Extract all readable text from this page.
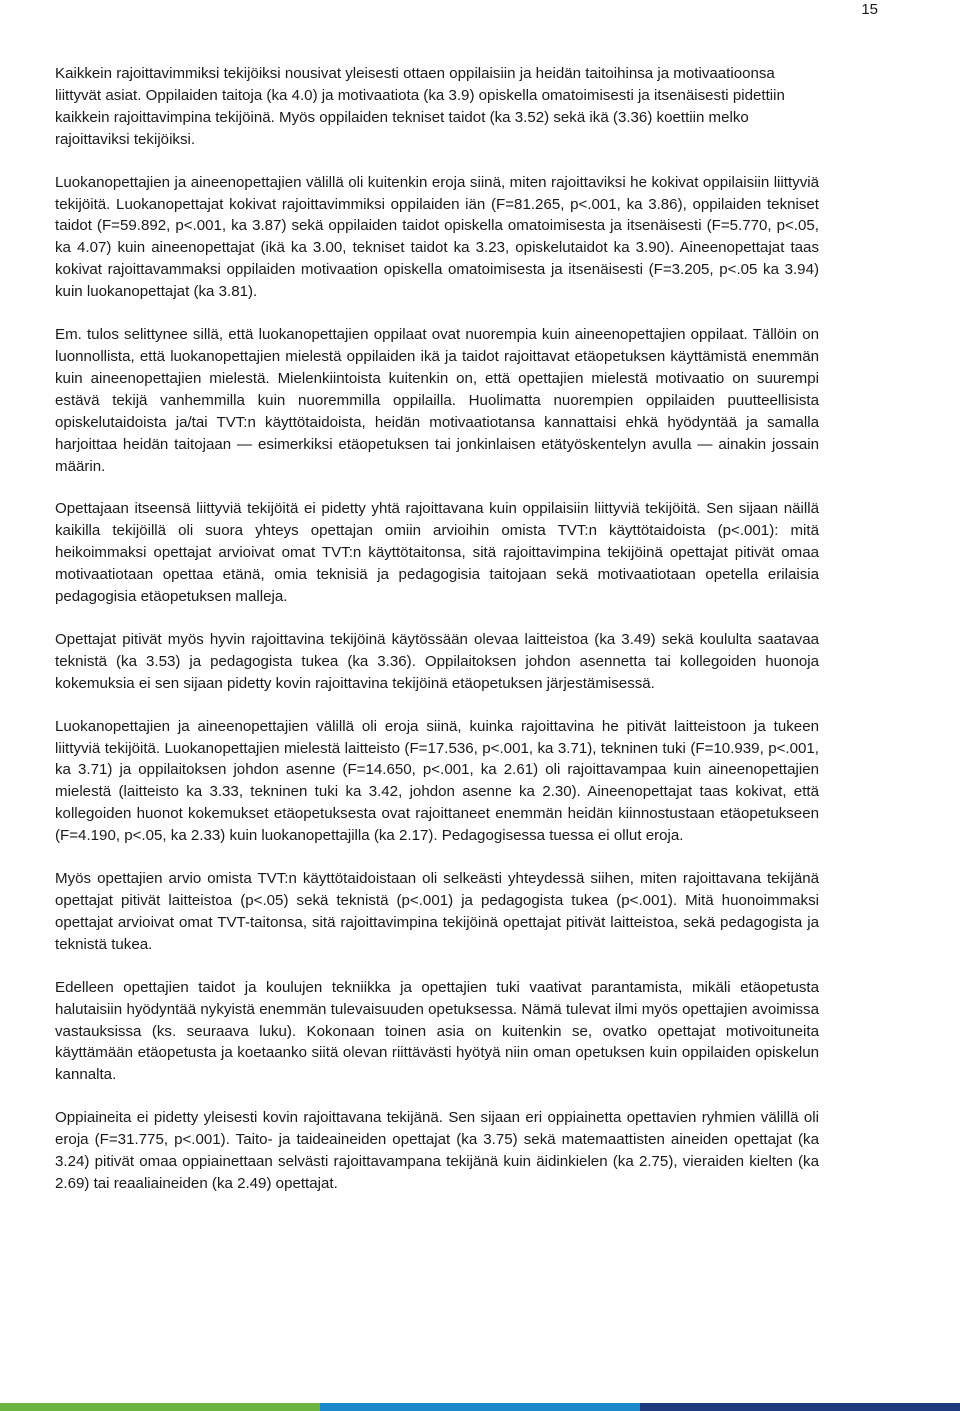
15

Kaikkein rajoittavimmiksi tekijöiksi nousivat yleisesti ottaen oppilaisiin ja heidän taitoihinsa ja motivaatioonsa liittyvät asiat. Oppilaiden taitoja (ka 4.0) ja motivaatiota (ka 3.9) opiskella omatoimisesti ja itsenäisesti pidettiin kaikkein rajoittavimpina tekijöinä. Myös oppilaiden tekniset taidot (ka 3.52) sekä ikä (3.36) koettiin melko rajoittaviksi tekijöiksi.

Luokanopettajien ja aineenopettajien välillä oli kuitenkin eroja siinä, miten rajoittaviksi he kokivat oppilaisiin liittyviä tekijöitä. Luokanopettajat kokivat rajoittavimmiksi oppilaiden iän (F=81.265, p<.001, ka 3.86), oppilaiden tekniset taidot (F=59.892, p<.001, ka 3.87) sekä oppilaiden taidot opiskella omatoimisesta ja itsenäisesti (F=5.770, p<.05, ka 4.07) kuin aineenopettajat (ikä ka 3.00, tekniset taidot ka 3.23, opiskelutaidot ka 3.90). Aineenopettajat taas kokivat rajoittavammaksi oppilaiden motivaation opiskella omatoimisesta ja itsenäisesti (F=3.205, p<.05 ka 3.94) kuin luokanopettajat (ka 3.81).

Em. tulos selittynee sillä, että luokanopettajien oppilaat ovat nuorempia kuin aineenopettajien oppilaat. Tällöin on luonnollista, että luokanopettajien mielestä oppilaiden ikä ja taidot rajoittavat etäopetuksen käyttämistä enemmän kuin aineenopettajien mielestä. Mielenkiintoista kuitenkin on, että opettajien mielestä motivaatio on suurempi estävä tekijä vanhemmilla kuin nuoremmilla oppilailla. Huolimatta nuorempien oppilaiden puutteellisista opiskelutaidoista ja/tai TVT:n käyttötaidoista, heidän motivaatiotansa kannattaisi ehkä hyödyntää ja samalla harjoittaa heidän taitojaan — esimerkiksi etäopetuksen tai jonkinlaisen etätyöskentelyn avulla — ainakin jossain määrin.

Opettajaan itseensä liittyviä tekijöitä ei pidetty yhtä rajoittavana kuin oppilaisiin liittyviä tekijöitä. Sen sijaan näillä kaikilla tekijöillä oli suora yhteys opettajan omiin arvioihin omista TVT:n käyttötaidoista (p<.001): mitä heikoimmaksi opettajat arvioivat omat TVT:n käyttötaitonsa, sitä rajoittavimpina tekijöinä opettajat pitivät omaa motivaatiotaan opettaa etänä, omia teknisiä ja pedagogisia taitojaan sekä motivaatiotaan opetella erilaisia pedagogisia etäopetuksen malleja.

Opettajat pitivät myös hyvin rajoittavina tekijöinä käytössään olevaa laitteistoa (ka 3.49) sekä koululta saatavaa teknistä (ka 3.53) ja pedagogista tukea (ka 3.36). Oppilaitoksen johdon asennetta tai kollegoiden huonoja kokemuksia ei sen sijaan pidetty kovin rajoittavina tekijöinä etäopetuksen järjestämisessä.

Luokanopettajien ja aineenopettajien välillä oli eroja siinä, kuinka rajoittavina he pitivät laitteistoon ja tukeen liittyviä tekijöitä. Luokanopettajien mielestä laitteisto (F=17.536, p<.001, ka 3.71), tekninen tuki (F=10.939, p<.001, ka 3.71) ja oppilaitoksen johdon asenne (F=14.650, p<.001, ka 2.61) oli rajoittavampaa kuin aineenopettajien mielestä (laitteisto ka 3.33, tekninen tuki ka 3.42, johdon asenne ka 2.30). Aineenopettajat taas kokivat, että kollegoiden huonot kokemukset etäopetuksesta ovat rajoittaneet enemmän heidän kiinnostustaan etäopetukseen (F=4.190, p<.05, ka 2.33) kuin luokanopettajilla (ka 2.17). Pedagogisessa tuessa ei ollut eroja.

Myös opettajien arvio omista TVT:n käyttötaidoistaan oli selkeästi yhteydessä siihen, miten rajoittavana tekijänä opettajat pitivät laitteistoa (p<.05) sekä teknistä (p<.001) ja pedagogista tukea (p<.001). Mitä huonoimmaksi opettajat arvioivat omat TVT-taitonsa, sitä rajoittavimpina tekijöinä opettajat pitivät laitteistoa, sekä pedagogista ja teknistä tukea.

Edelleen opettajien taidot ja koulujen tekniikka ja opettajien tuki vaativat parantamista, mikäli etäopetusta halutaisiin hyödyntää nykyistä enemmän tulevaisuuden opetuksessa. Nämä tulevat ilmi myös opettajien avoimissa vastauksissa (ks. seuraava luku). Kokonaan toinen asia on kuitenkin se, ovatko opettajat motivoituneita käyttämään etäopetusta ja koetaanko siitä olevan riittävästi hyötyä niin oman opetuksen kuin oppilaiden opiskelun kannalta.

Oppiaineita ei pidetty yleisesti kovin rajoittavana tekijänä. Sen sijaan eri oppiainetta opettavien ryhmien välillä oli eroja (F=31.775, p<.001). Taito- ja taideaineiden opettajat (ka 3.75) sekä matemaattisten aineiden opettajat (ka 3.24) pitivät omaa oppiainettaan selvästi rajoittavampana tekijänä kuin äidinkielen (ka 2.75), vieraiden kielten (ka 2.69) tai reaaliaineiden (ka 2.49) opettajat.
